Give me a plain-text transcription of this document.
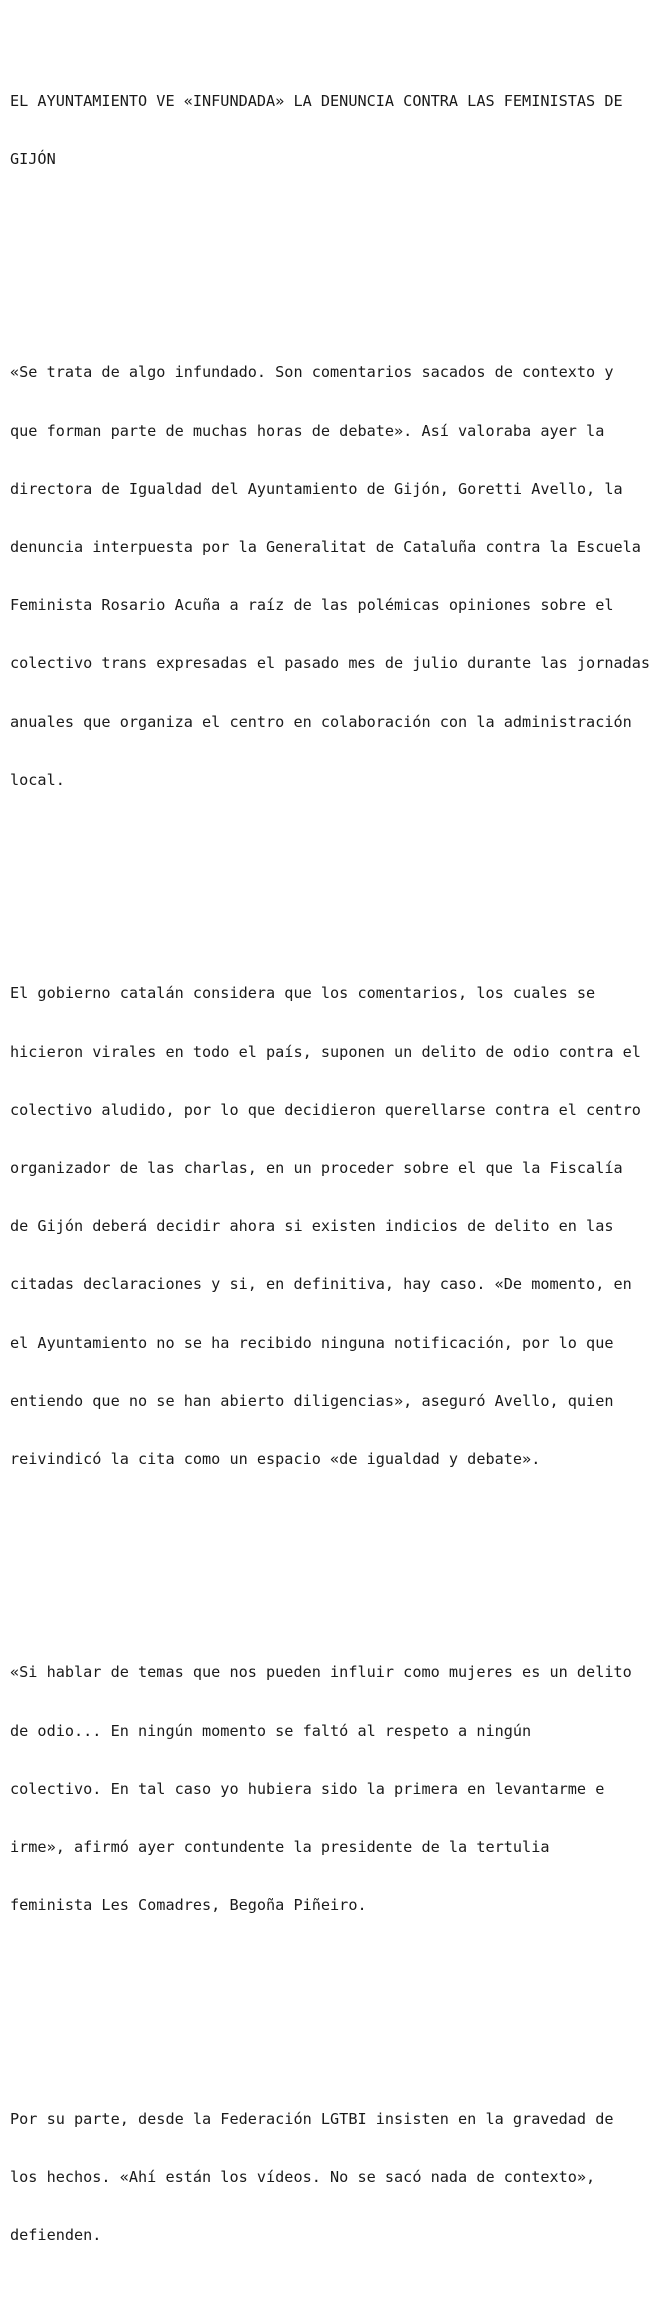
EL AYUNTAMIENTO VE «INFUNDADA» LA DENUNCIA CONTRA LAS FEMINISTAS DE

GIJÓN

«Se trata de algo infundado. Son comentarios sacados de contexto y

que forman parte de muchas horas de debate». Así valoraba ayer la

directora de Igualdad del Ayuntamiento de Gijón, Goretti Avello, la

denuncia interpuesta por la Generalitat de Cataluña contra la Escuela

Feminista Rosario Acuña a raíz de las polémicas opiniones sobre el

colectivo trans expresadas el pasado mes de julio durante las jornadas

anuales que organiza el centro en colaboración con la administración

local.

El gobierno catalán considera que los comentarios, los cuales se

hicieron virales en todo el país, suponen un delito de odio contra el

colectivo aludido, por lo que decidieron querellarse contra el centro

organizador de las charlas, en un proceder sobre el que la Fiscalía

de Gijón deberá decidir ahora si existen indicios de delito en las

citadas declaraciones y si, en definitiva, hay caso. «De momento, en

el Ayuntamiento no se ha recibido ninguna notificación, por lo que

entiendo que no se han abierto diligencias», aseguró Avello, quien

reivindicó la cita como un espacio «de igualdad y debate».

«Si hablar de temas que nos pueden influir como mujeres es un delito

de odio... En ningún momento se faltó al respeto a ningún

colectivo. En tal caso yo hubiera sido la primera en levantarme e

irme», afirmó ayer contundente la presidente de la tertulia

feminista Les Comadres, Begoña Piñeiro.

Por su parte, desde la Federación LGTBI insisten en la gravedad de

los hechos. «Ahí están los vídeos. No se sacó nada de contexto»,

defienden.
